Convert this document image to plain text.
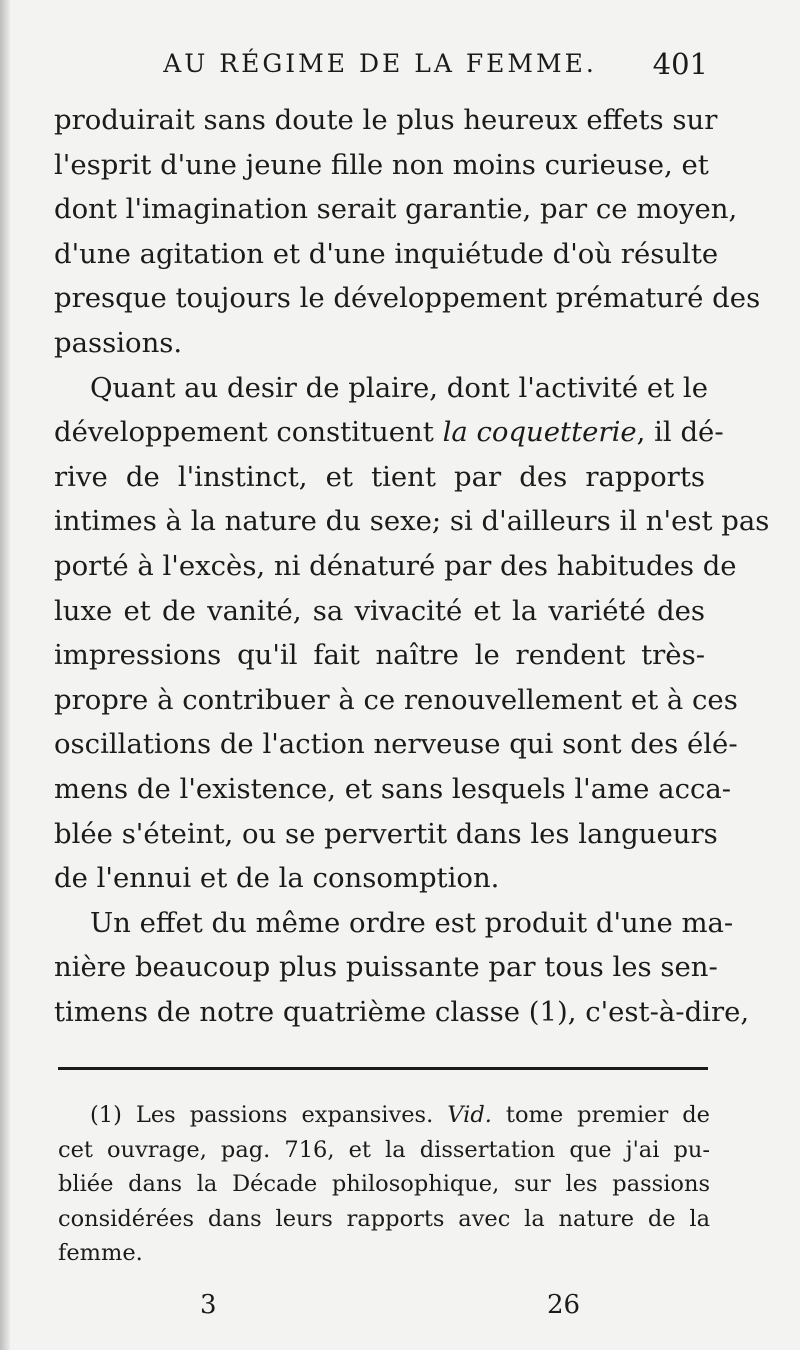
AU RÉGIME DE LA FEMME.	401
produirait sans doute le plus heureux effets sur
l'esprit d'une jeune fille non moins curieuse, et
dont l'imagination serait garantie, par ce moyen,
d'une agitation et d'une inquiétude d'où résulte
presque toujours le développement prématuré des
passions.
Quant au desir de plaire, dont l'activité et le
développement constituent la coquetterie, il dé-
rive de l'instinct, et tient par des rapports
intimes à la nature du sexe; si d'ailleurs il n'est pas
porté à l'excès, ni dénaturé par des habitudes de
luxe et de vanité, sa vivacité et la variété des
impressions qu'il fait naître le rendent très-
propre à contribuer à ce renouvellement et à ces
oscillations de l'action nerveuse qui sont des élé-
mens de l'existence, et sans lesquels l'ame acca-
blée s'éteint, ou se pervertit dans les langueurs
de l'ennui et de la consomption.
Un effet du même ordre est produit d'une ma-
nière beaucoup plus puissante par tous les sen-
timens de notre quatrième classe (1), c'est-à-dire,
(1) Les passions expansives. Vid. tome premier de
cet ouvrage, pag. 716, et la dissertation que j'ai pu-
bliée dans la Décade philosophique, sur les passions
considérées dans leurs rapports avec la nature de la
femme.
3	26
